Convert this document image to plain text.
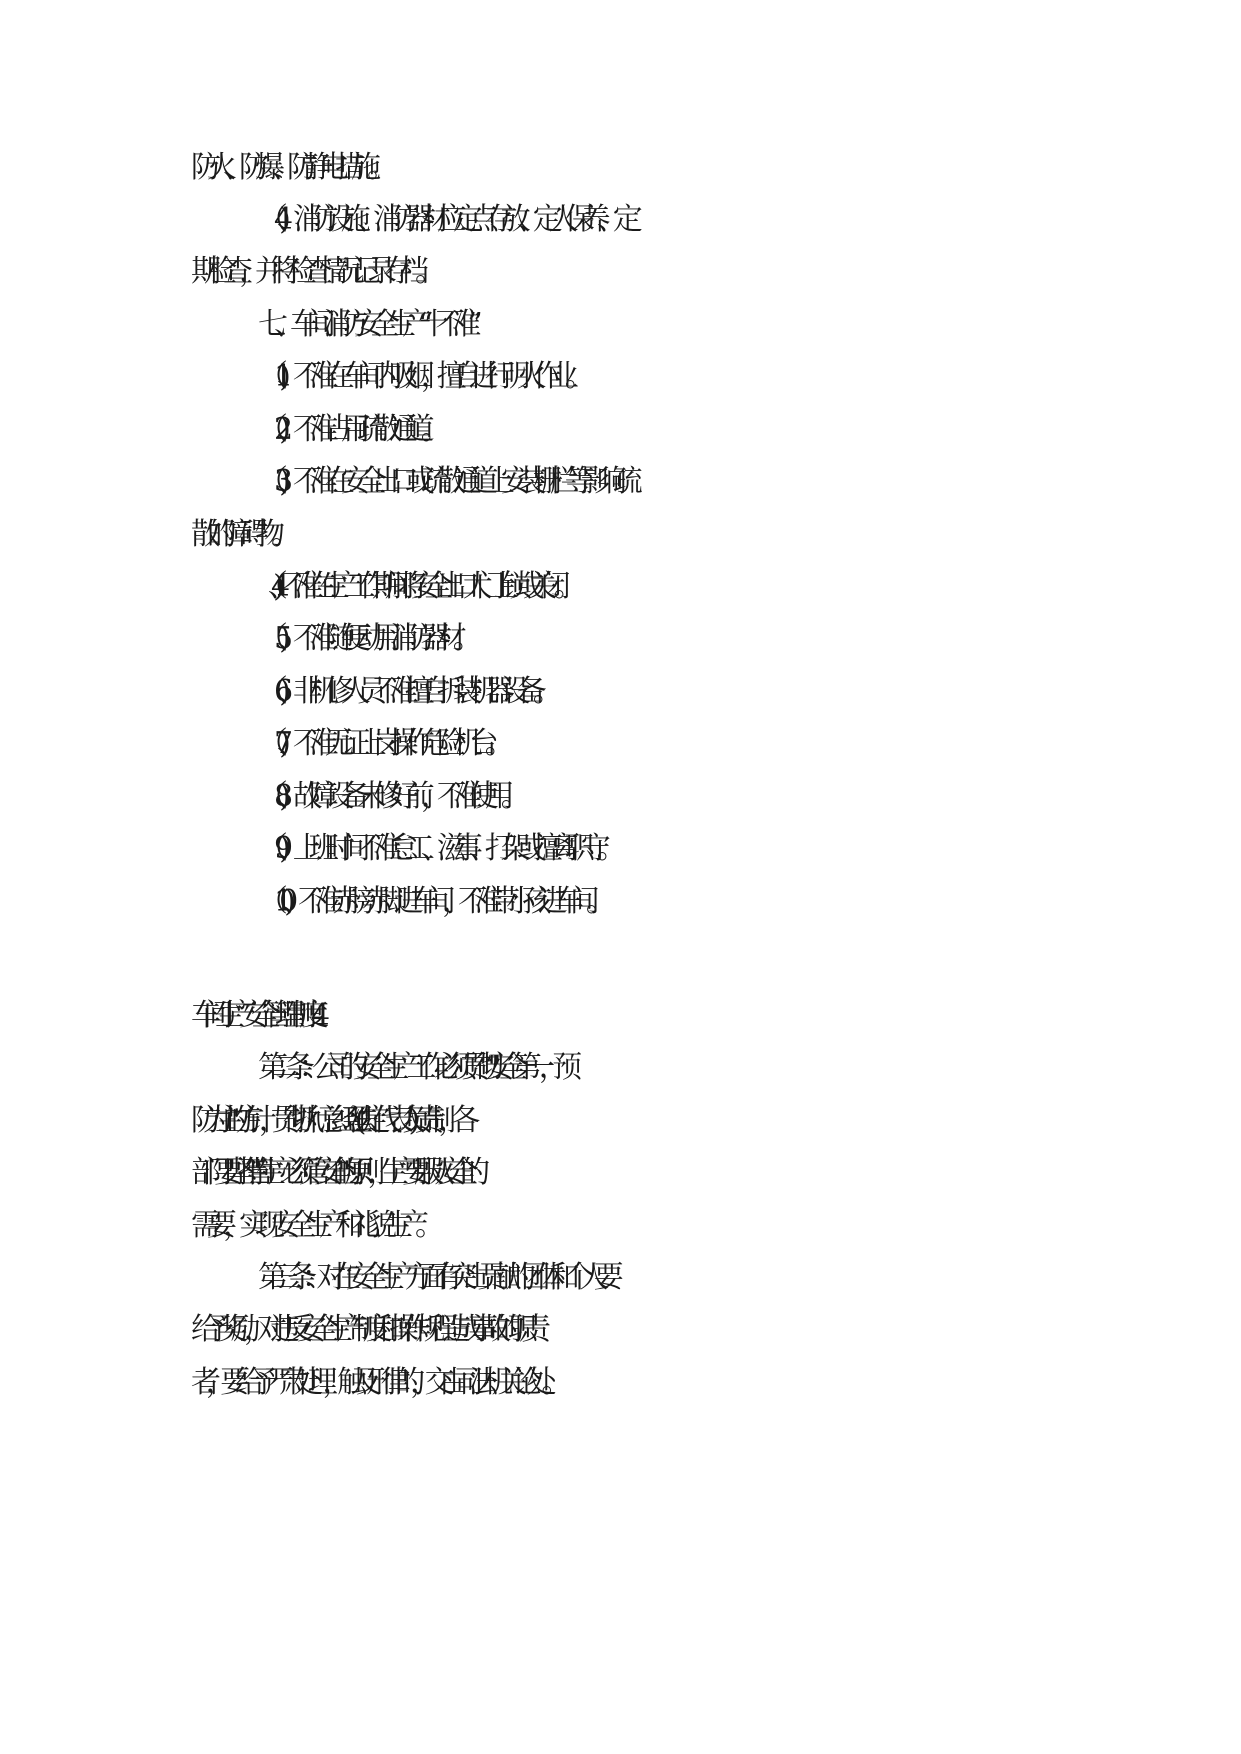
防火、防爆、防静电措施。
（4)、消防设施、消防器材应定点存放、定人保养、定
期检查，并将检查情况记录存档。
七、车间消防安全生产“十不准”
（1)、不准在车间内吸烟，擅自进行明火作业。
（2)、不准占用疏散通道。
（3)、不准在安全出口或疏散通道上安装栅栏等影响疏
散的障碍物。
（4)、不准在生产工作期间将安全出口大门上锁或关闭。
（5)、不准随便动用消防器材。
（6)、非机修人员不准擅自拆装机器设备。
（7)、不准无证上岗操作危险机台。
（8)、故障设备未修好前，不准使用。
（9)、上班时间不准怠工、滋事、打架或擅离职守。
（10)、不准赤膀赤脚进车间，不准带小孩进车间。
车间生产安全管理制度4
第二条：公司的安全生产工作必须贯彻"安全第一，预
防为主"的方针，贯彻执行总经理(法定代表人)负责制，各
部门要坚持"管生产必须管安全"的原则，生产要服从安全的
需要，实现安全生产和礼貌生产。
第三条：对在安全生产方面有突出贡献的团体和个人要
给予奖励，对违反安全生产制度和操作规程造成事故的职责
者，要给予严肃处理，触及刑律的，交由司法机关论处。
